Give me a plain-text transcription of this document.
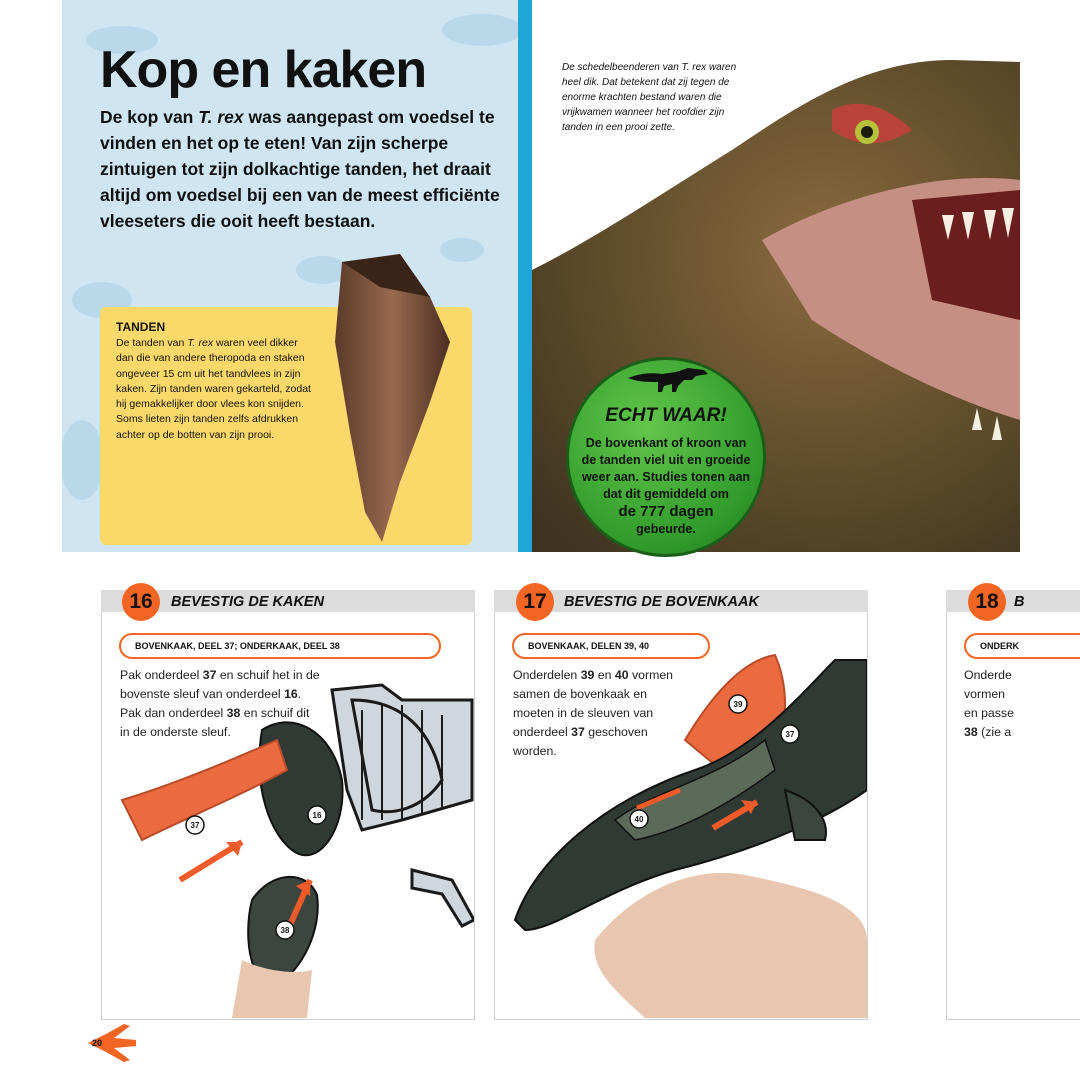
Kop en kaken
De kop van T. rex was aangepast om voedsel te vinden en het op te eten! Van zijn scherpe zintuigen tot zijn dolkachtige tanden, het draait altijd om voedsel bij een van de meest efficiënte vleeseters die ooit heeft bestaan.
TANDEN
De tanden van T. rex waren veel dikker dan die van andere theropoda en staken ongeveer 15 cm uit het tandvlees in zijn kaken. Zijn tanden waren gekarteld, zodat hij gemakkelijker door vlees kon snijden. Soms lieten zijn tanden zelfs afdrukken achter op de botten van zijn prooi.
De schedelbeenderen van T. rex waren heel dik. Dat betekent dat zij tegen de enorme krachten bestand waren die vrijkwamen wanneer het roofdier zijn tanden in een prooi zette.
ECHT WAAR!
De bovenkant of kroon van de tanden viel uit en groeide weer aan. Studies tonen aan dat dit gemiddeld om
de 777 dagen
gebeurde.
16	BEVESTIG DE KAKEN
BOVENKAAK, DEEL 37; ONDERKAAK, DEEL 38
Pak onderdeel 37 en schuif het in de bovenste sleuf van onderdeel 16. Pak dan onderdeel 38 en schuif dit in de onderste sleuf.
37
16
38
17	BEVESTIG DE BOVENKAAK
BOVENKAAK, DELEN 39, 40
Onderdelen 39 en 40 vormen samen de bovenkaak en moeten in de sleuven van onderdeel 37 geschoven worden.
39
37
40
18	B
ONDERK
Onderde
vormen
en passe
38 (zie a
20
